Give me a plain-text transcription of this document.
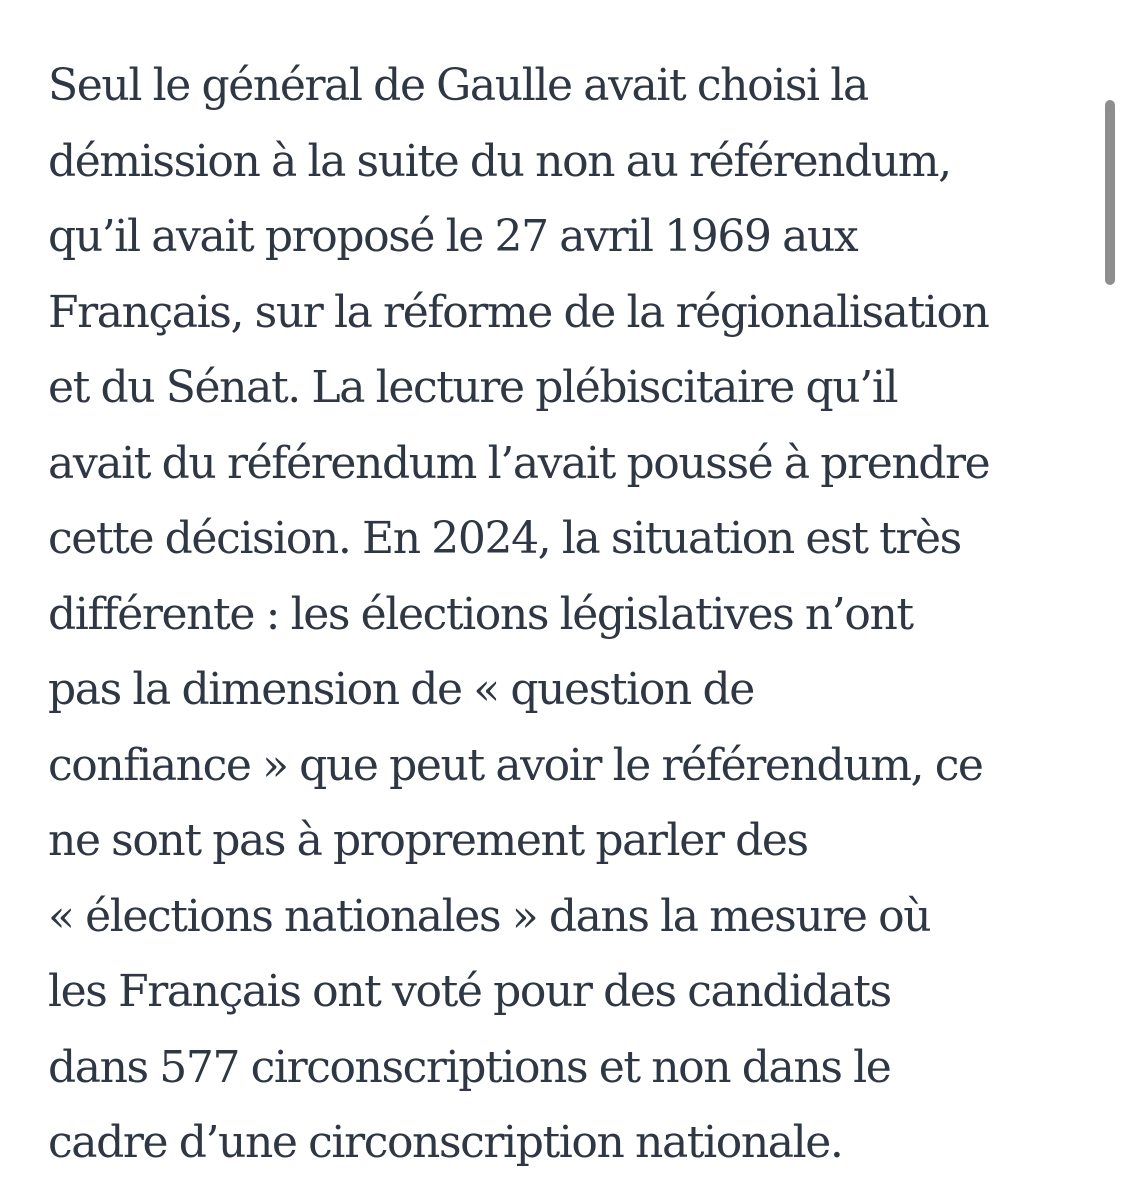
Seul le général de Gaulle avait choisi la
démission à la suite du non au référendum,
qu’il avait proposé le 27 avril 1969 aux
Français, sur la réforme de la régionalisation
et du Sénat. La lecture plébiscitaire qu’il
avait du référendum l’avait poussé à prendre
cette décision. En 2024, la situation est très
différente : les élections législatives n’ont
pas la dimension de « question de
confiance » que peut avoir le référendum, ce
ne sont pas à proprement parler des
« élections nationales » dans la mesure où
les Français ont voté pour des candidats
dans 577 circonscriptions et non dans le
cadre d’une circonscription nationale.
